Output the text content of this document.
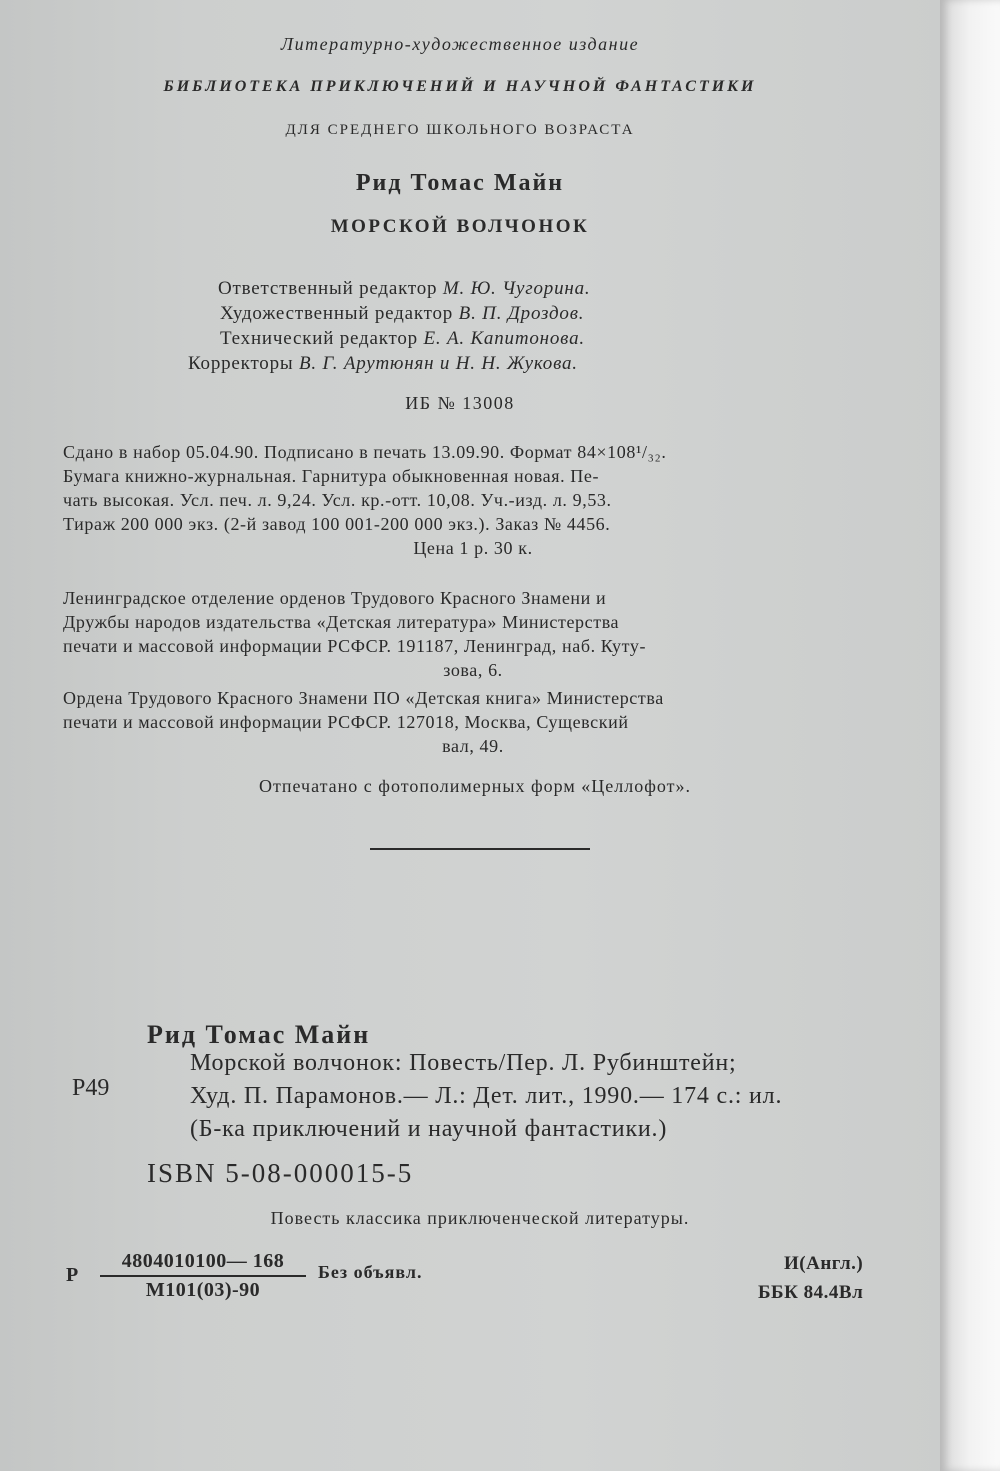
Литературно-художественное издание
БИБЛИОТЕКА ПРИКЛЮЧЕНИЙ И НАУЧНОЙ ФАНТАСТИКИ
ДЛЯ СРЕДНЕГО ШКОЛЬНОГО ВОЗРАСТА
Рид Томас Майн
МОРСКОЙ ВОЛЧОНОК
Ответственный редактор М. Ю. Чугорина.
Художественный редактор В. П. Дроздов.
Технический редактор Е. А. Капитонова.
Корректоры В. Г. Арутюнян и Н. Н. Жукова.
ИБ № 13008
Сдано в набор 05.04.90. Подписано в печать 13.09.90. Формат 84×108¹/₃₂.
Бумага книжно-журнальная. Гарнитура обыкновенная новая. Пе-
чать высокая. Усл. печ. л. 9,24. Усл. кр.-отт. 10,08. Уч.-изд. л. 9,53.
Тираж 200 000 экз. (2-й завод 100 001-200 000 экз.). Заказ № 4456.
Цена 1 р. 30 к.
Ленинградское отделение орденов Трудового Красного Знамени и
Дружбы народов издательства «Детская литература» Министерства
печати и массовой информации РСФСР. 191187, Ленинград, наб. Куту-
зова, 6.
Ордена Трудового Красного Знамени ПО «Детская книга» Министерства
печати и массовой информации РСФСР. 127018, Москва, Сущевский
вал, 49.
Отпечатано с фотополимерных форм «Целлофот».
Рид Томас Майн
Р49
Морской волчонок: Повесть/Пер. Л. Рубинштейн;
Худ. П. Парамонов.— Л.: Дет. лит., 1990.— 174 с.: ил.
(Б-ка приключений и научной фантастики.)
ISBN 5-08-000015-5
Повесть классика приключенческой литературы.
Р
4804010100— 168
М101(03)-90
Без объявл.	И(Англ.)
ББК 84.4Вл
